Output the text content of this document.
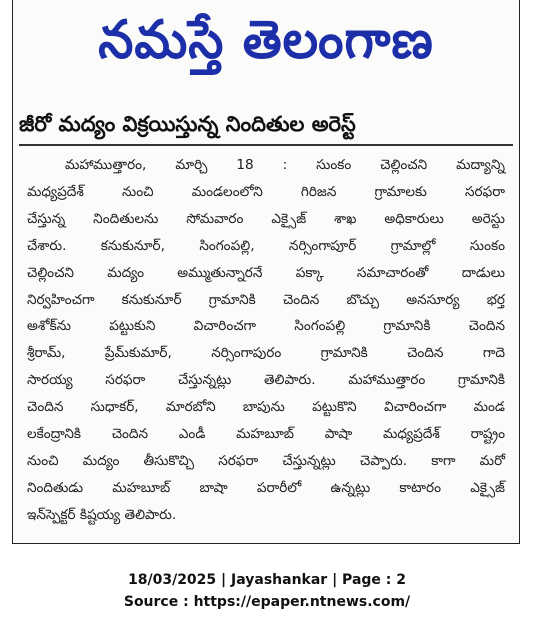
నమస్తే తెలంగాణ
జీరో మద్యం విక్రయిస్తున్న నిందితుల అరెస్ట్

మహాముత్తారం, మార్చి 18 : సుంకం చెల్లించని మద్యాన్ని

మధ్యప్రదేశ్ నుంచి మండలంలోని గిరిజన గ్రామాలకు సరఫరా

చేస్తున్న నిందితులను సోమవారం ఎక్సైజ్ శాఖ అధికారులు అరెస్టు

చేశారు. కనుకునూర్, సింగంపల్లి, నర్సింగాపూర్ గ్రామాల్లో సుంకం

చెల్లించని మద్యం అమ్ముతున్నారనే పక్కా సమాచారంతో దాడులు

నిర్వహించగా కనుకునూర్ గ్రామానికి చెందిన బొచ్చు అనసూర్య భర్త

అశోక్‌ను పట్టుకుని విచారించగా సింగంపల్లి గ్రామానికి చెందిన

శ్రీరామ్, ప్రేమ్‌కుమార్, నర్సింగాపురం గ్రామానికి చెందిన గాదె

సారయ్య సరఫరా చేస్తున్నట్లు తెలిపారు. మహాముత్తారం గ్రామానికి

చెందిన సుధాకర్, మారబోని బాపును పట్టుకొని విచారించగా మండ

లకేంద్రానికి చెందిన ఎండీ మహబూబ్ పాషా మధ్యప్రదేశ్ రాష్ట్రం

నుంచి మద్యం తీసుకొచ్చి సరఫరా చేస్తున్నట్లు చెప్పారు. కాగా మరో

నిందితుడు మహబూబ్ బాషా పరారీలో ఉన్నట్లు కాటారం ఎక్సైజ్

ఇన్‌స్పెక్టర్ కిష్టయ్య తెలిపారు.

18/03/2025 | Jayashankar | Page : 2
Source : https://epaper.ntnews.com/
